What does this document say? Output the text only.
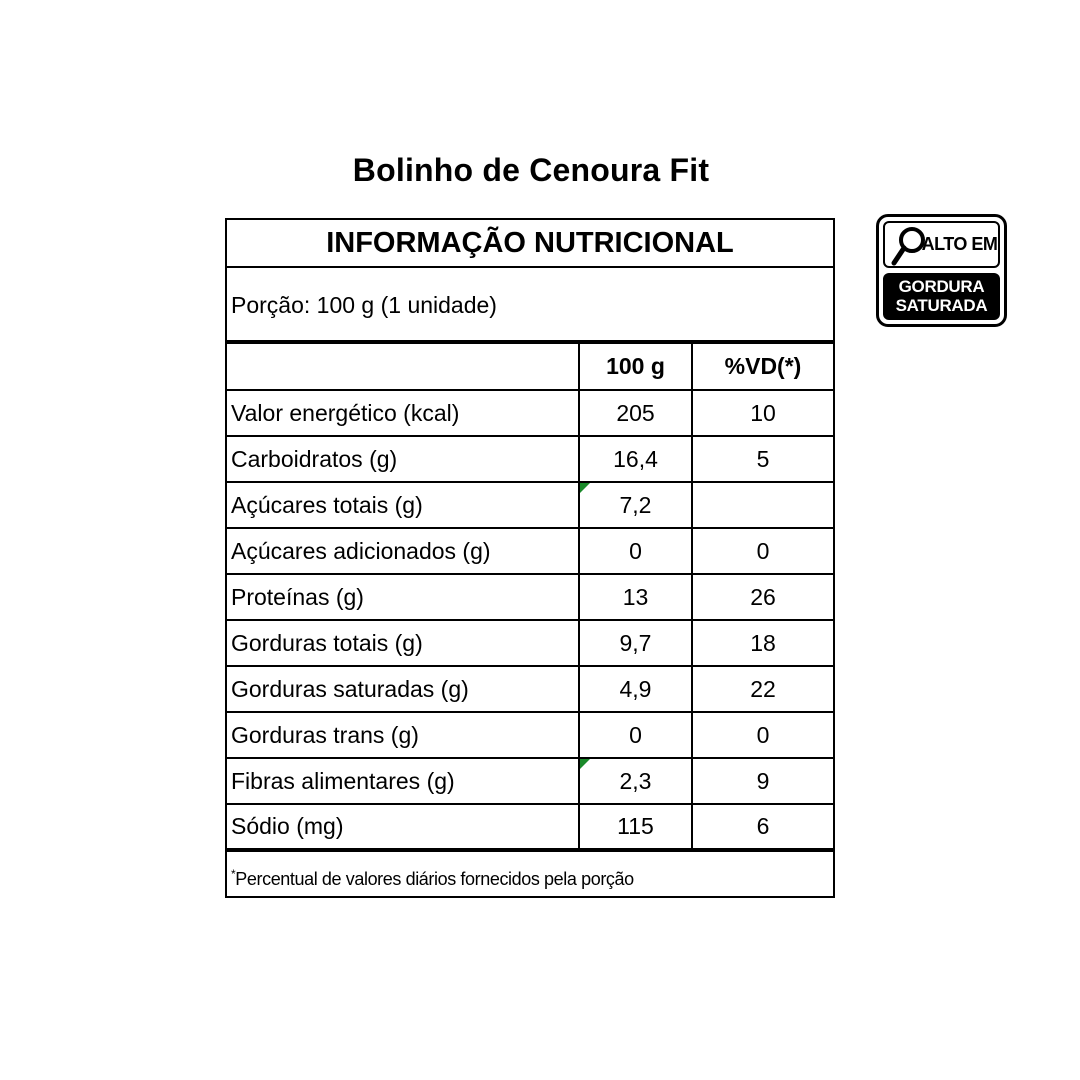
Bolinho de Cenoura Fit
INFORMAÇÃO NUTRICIONAL
Porção: 100 g (1 unidade)
	100 g	%VD(*)
Valor energético (kcal)	205	10
Carboidratos (g)	16,4	5
Açúcares totais (g)	7,2	
Açúcares adicionados (g)	0	0
Proteínas (g)	13	26
Gorduras totais (g)	9,7	18
Gorduras saturadas (g)	4,9	22
Gorduras trans (g)	0	0
Fibras alimentares (g)	2,3	9
Sódio (mg)	115	6
*Percentual de valores diários fornecidos pela porção
ALTO EM
GORDURA
SATURADA
